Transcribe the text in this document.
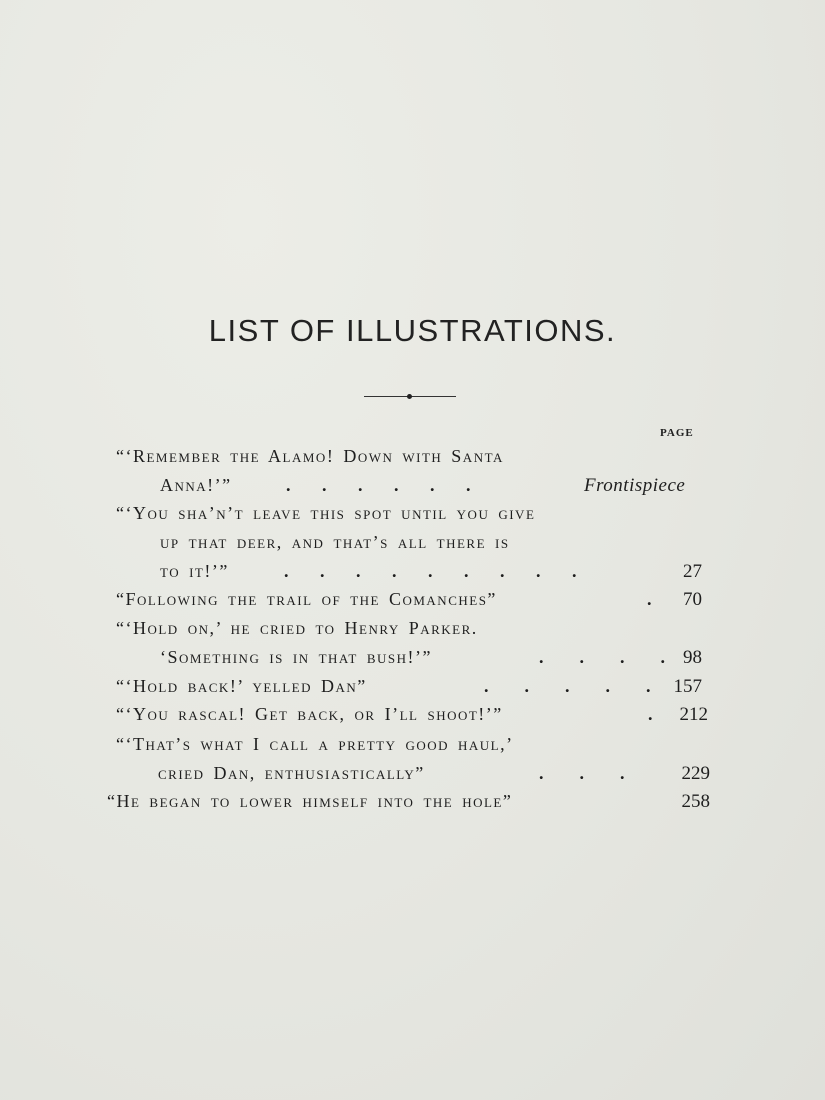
LIST OF ILLUSTRATIONS.
PAGE
“‘Remember the Alamo! Down with Santa
Anna!’”	.       .       .       .       .       .	Frontispiece
“‘You sha’n’t leave this spot until you give
up that deer, and that’s all there is
to it!’”	.       .       .       .       .       .       .       .       .	27
“Following the trail of the Comanches”	.	70
“‘Hold on,’ he cried to Henry Parker.
‘Something is in that bush!’”	.        .        .        . 98
“‘Hold back!’ yelled Dan”	.        .        .        .        .	157
“‘You rascal! Get back, or I’ll shoot!’”	.	212
“‘That’s what I call a pretty good haul,’
cried Dan, enthusiastically”	.        .        .	229
“He began to lower himself into the hole”	258
